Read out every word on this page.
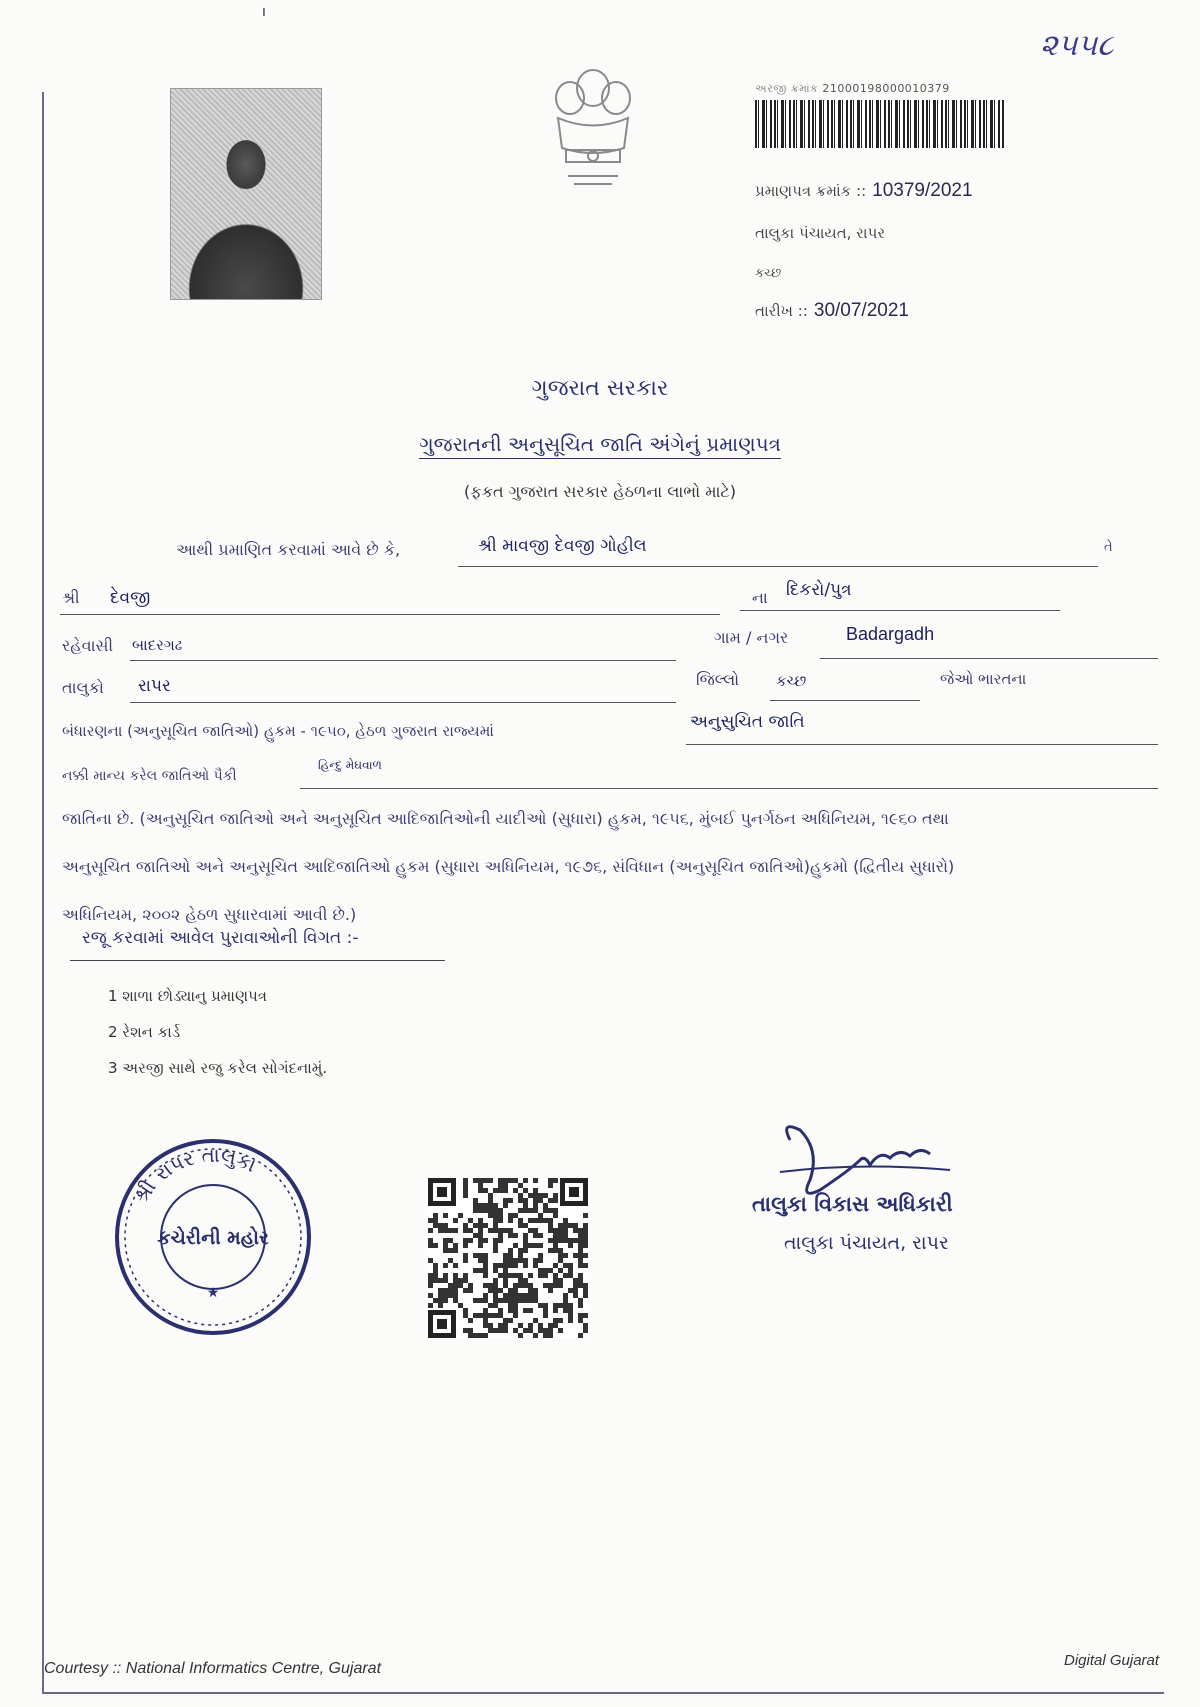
ı
૨૫૫૮
અરજી ક્રમાંક 21000198000010379
પ્રમાણપત્ર ક્રમાંક :: 10379/2021
તાલુકા પંચાયત, રાપર
કચ્છ
તારીખ :: 30/07/2021
ગુજરાત સરકાર
ગુજરાતની અનુસૂચિત જાતિ અંગેનું પ્રમાણપત્ર
(ફકત ગુજરાત સરકાર હેઠળના લાભો માટે)
આથી પ્રમાણિત કરવામાં આવે છે કે,	શ્રી માવજી દેવજી ગોહીલ	તે
શ્રી દેવજી	ના દિકરો/પુત્ર
રહેવાસી બાદરગઢ	ગામ / નગર	Badargadh
તાલુકો રાપર	જિલ્લો કચ્છ	જેઓ ભારતના
બંધારણના (અનુસૂચિત જાતિઓ) હુકમ - ૧૯૫૦, હેઠળ ગુજરાત રાજ્યમાં	અનુસુચિત જાતિ
નક્કી માન્ય કરેલ જાતિઓ પૈકી
હિન્દુ મેઘવાળ
જાતિના છે. (અનુસૂચિત જાતિઓ અને અનુસૂચિત આદિજાતિઓની યાદીઓ (સુધારા) હુકમ, ૧૯૫૬, મુંબઈ પુનર્ગઠન અધિનિયમ, ૧૯૬૦ તથા
અનુસૂચિત જાતિઓ અને અનુસૂચિત આદિજાતિઓ હુકમ (સુધારા અધિનિયમ, ૧૯૭૬, સંવિધાન (અનુસૂચિત જાતિઓ)હુકમો (દ્વિતીય સુધારો)
અધિનિયમ, ૨૦૦૨ હેઠળ સુધારવામાં આવી છે.)
રજૂ કરવામાં આવેલ પુરાવાઓની વિગત :-
1 શાળા છોડ્યાનુ પ્રમાણપત્ર
2 રેશન કાર્ડ
3 અરજી સાથે રજુ કરેલ સોગંદનામું.
શ્રી રાપર તાલુકા
કચેરીની મહોર
★
તાલુકા વિકાસ અધિકારી
તાલુકા પંચાયત, રાપર
Courtesy :: National Informatics Centre, Gujarat	Digital Gujarat
